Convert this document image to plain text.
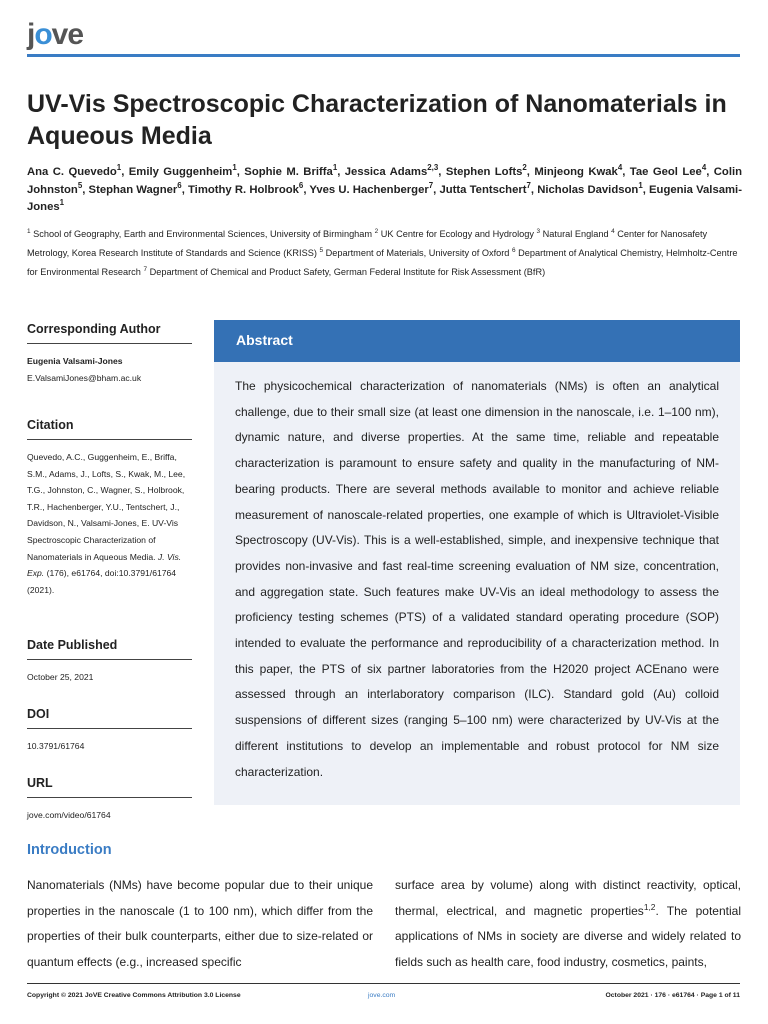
jove
UV-Vis Spectroscopic Characterization of Nanomaterials in Aqueous Media
Ana C. Quevedo$^1$, Emily Guggenheim$^1$, Sophie M. Briffa$^1$, Jessica Adams$^{2,3}$, Stephen Lofts$^2$, Minjeong Kwak$^4$, Tae Geol Lee$^4$, Colin Johnston$^5$, Stephan Wagner$^6$, Timothy R. Holbrook$^6$, Yves U. Hachenberger$^7$, Jutta Tentschert$^7$, Nicholas Davidson$^1$, Eugenia Valsami-Jones$^1$
$^1$ School of Geography, Earth and Environmental Sciences, University of Birmingham $^2$ UK Centre for Ecology and Hydrology $^3$ Natural England $^4$ Center for Nanosafety Metrology, Korea Research Institute of Standards and Science (KRISS) $^5$ Department of Materials, University of Oxford $^6$ Department of Analytical Chemistry, Helmholtz-Centre for Environmental Research $^7$ Department of Chemical and Product Safety, German Federal Institute for Risk Assessment (BfR)
Corresponding Author
Eugenia Valsami-Jones
E.ValsamiJones@bham.ac.uk
Citation
Quevedo, A.C., Guggenheim, E., Briffa, S.M., Adams, J., Lofts, S., Kwak, M., Lee, T.G., Johnston, C., Wagner, S., Holbrook, T.R., Hachenberger, Y.U., Tentschert, J., Davidson, N., Valsami-Jones, E. UV-Vis Spectroscopic Characterization of Nanomaterials in Aqueous Media. J. Vis. Exp. (176), e61764, doi:10.3791/61764 (2021).
Date Published
October 25, 2021
DOI
10.3791/61764
URL
jove.com/video/61764
Abstract
The physicochemical characterization of nanomaterials (NMs) is often an analytical challenge, due to their small size (at least one dimension in the nanoscale, i.e. 1–100 nm), dynamic nature, and diverse properties. At the same time, reliable and repeatable characterization is paramount to ensure safety and quality in the manufacturing of NM-bearing products. There are several methods available to monitor and achieve reliable measurement of nanoscale-related properties, one example of which is Ultraviolet-Visible Spectroscopy (UV-Vis). This is a well-established, simple, and inexpensive technique that provides non-invasive and fast real-time screening evaluation of NM size, concentration, and aggregation state. Such features make UV-Vis an ideal methodology to assess the proficiency testing schemes (PTS) of a validated standard operating procedure (SOP) intended to evaluate the performance and reproducibility of a characterization method. In this paper, the PTS of six partner laboratories from the H2020 project ACEnano were assessed through an interlaboratory comparison (ILC). Standard gold (Au) colloid suspensions of different sizes (ranging 5–100 nm) were characterized by UV-Vis at the different institutions to develop an implementable and robust protocol for NM size characterization.
Introduction
Nanomaterials (NMs) have become popular due to their unique properties in the nanoscale (1 to 100 nm), which differ from the properties of their bulk counterparts, either due to size-related or quantum effects (e.g., increased specific
surface area by volume) along with distinct reactivity, optical, thermal, electrical, and magnetic properties$^{1,2}$. The potential applications of NMs in society are diverse and widely related to fields such as health care, food industry, cosmetics, paints,
Copyright © 2021 JoVE Creative Commons Attribution 3.0 License	jove.com	October 2021 · 176 · e61764 · Page 1 of 11
